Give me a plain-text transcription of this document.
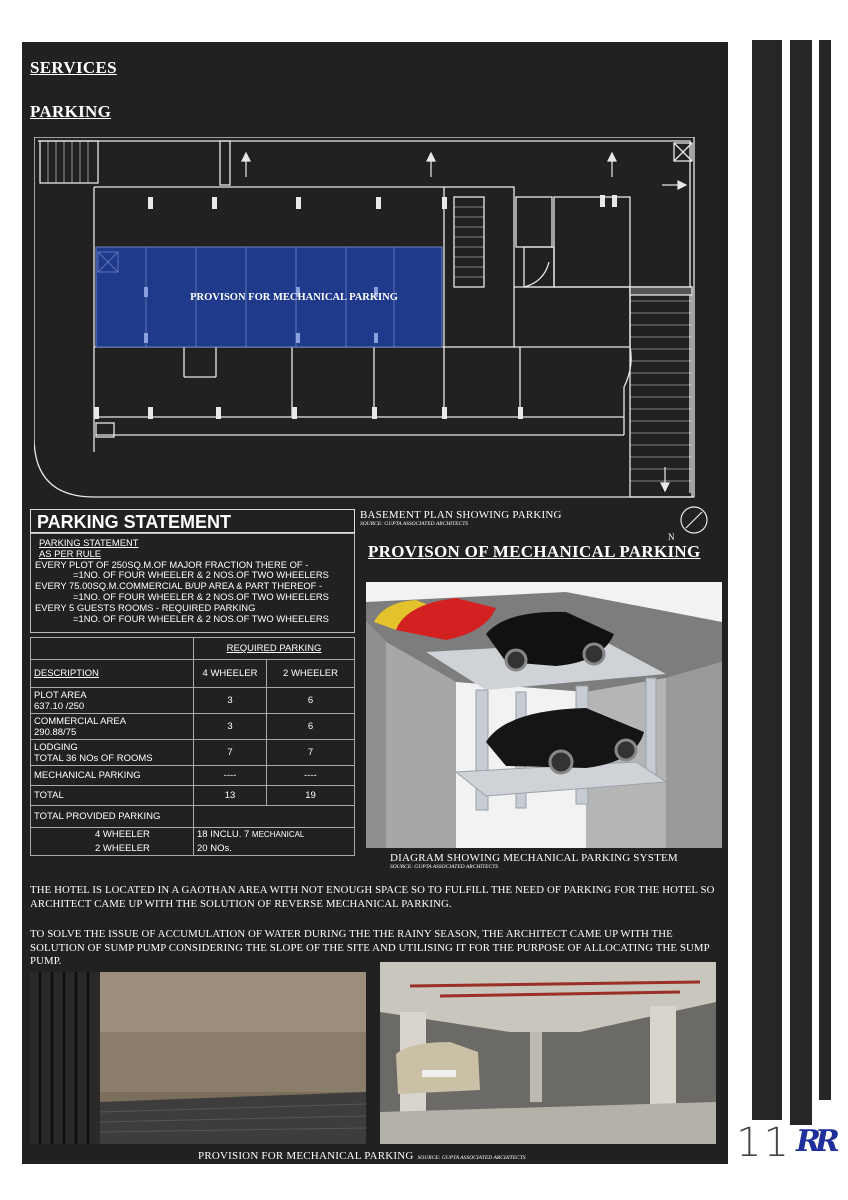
SERVICES
PARKING
PROVISON FOR MECHANICAL PARKING
BASEMENT PLAN SHOWING PARKING
SOURCE: GUPTA ASSOCIATED ARCHITECTS
N
PARKING STATEMENT
PARKING STATEMENT
AS PER RULE
EVERY PLOT OF 250SQ.M.OF MAJOR FRACTION THERE OF -
=1NO. OF FOUR WHEELER & 2 NOS.OF TWO WHEELERS
EVERY 75.00SQ.M.COMMERCIAL B/UP AREA & PART THEREOF -
=1NO. OF FOUR WHEELER & 2 NOS.OF TWO WHEELERS
EVERY 5 GUESTS ROOMS - REQUIRED PARKING
=1NO. OF FOUR WHEELER & 2 NOS.OF TWO WHEELERS
	REQUIRED PARKING	
DESCRIPTION	4 WHEELER	2 WHEELER

PLOT AREA
637.10 /250	3	6

COMMERCIAL AREA
290.88/75	3	6

LODGING
TOTAL 36 NOs OF ROOMS	7	7
MECHANICAL PARKING	----	----
TOTAL	13	19
TOTAL PROVIDED PARKING		
4 WHEELER	18 INCLU. 7 MECHANICAL	
2 WHEELER	20 NOs.	
PROVISON OF MECHANICAL PARKING
DIAGRAM SHOWING MECHANICAL PARKING SYSTEM
SOURCE: GUPTA ASSOCIATED ARCHITECTS
THE HOTEL IS LOCATED IN A GAOTHAN AREA WITH NOT ENOUGH SPACE SO TO FULFILL THE NEED OF PARKING FOR THE HOTEL SO ARCHITECT CAME UP WITH THE SOLUTION OF REVERSE MECHANICAL PARKING.
TO SOLVE THE ISSUE OF ACCUMULATION OF WATER DURING THE THE RAINY SEASON, THE ARCHITECT CAME UP WITH THE SOLUTION OF SUMP PUMP CONSIDERING THE SLOPE OF THE SITE AND UTILISING IT FOR THE PURPOSE OF ALLOCATING THE SUMP PUMP.
PROVISION FOR MECHANICAL PARKING SOURCE: GUPTA ASSOCIATED ARCHITECTS	11 RR
